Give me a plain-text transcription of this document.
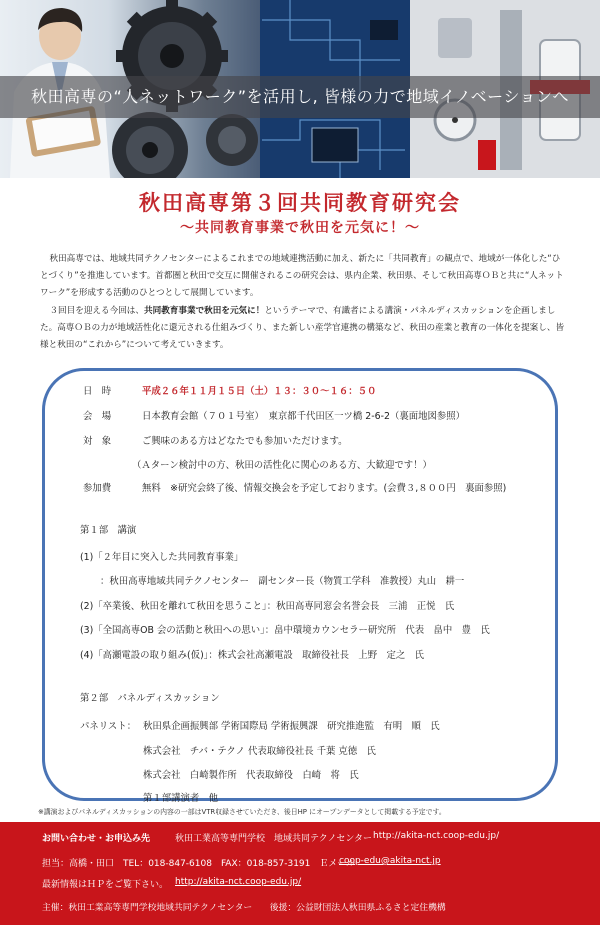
秋田高専の“人ネットワーク”を活用し, 皆様の力で地域イノベーションへ
秋田高専第３回共同教育研究会
～共同教育事業で秋田を元気に！～

秋田高専では、地域共同テクノセンターによるこれまでの地域連携活動に加え、新たに「共同教育」の観点で、地域が一体化した“ひとづくり”を推進しています。首都圏と秋田で交互に開催されるこの研究会は、県内企業、秋田県、そして秋田高専ＯＢと共に“人ネットワーク”を形成する活動のひとつとして展開しています。

３回目を迎える今回は、共同教育事業で秋田を元気に！というテーマで、有識者による講演・パネルディスカッションを企画しました。高専ＯＢの力が地域活性化に還元される仕組みづくり、また新しい産学官連携の構築など、秋田の産業と教育の一体化を提案し、皆様と秋田の“これから”について考えていきます。

日　時	平成２６年１１月１５日（土）１３：３０～１６：５０
会　場	日本教育会館（７０１号室）　東京都千代田区一ツ橋 2-6-2（裏面地図参照）
対　象	ご興味のある方はどなたでも参加いただけます。
（Ａターン検討中の方、秋田の活性化に関心のある方、大歓迎です！）
参加費	無料　※研究会終了後、情報交換会を予定しております。(会費３,８００円　裏面参照)
第１部　講演
(1)「２年目に突入した共同教育事業」
：秋田高専地域共同テクノセンター　副センター長（物質工学科　准教授）丸山　耕一
(2)「卒業後、秋田を離れて秋田を思うこと」：秋田高専同窓会名誉会長　三浦　正悦　氏
(3)「全国高専OB 会の活動と秋田への思い」：畠中環境カウンセラー研究所　代表　畠中　豊　氏
(4)「高瀬電設の取り組み(仮)」：株式会社高瀬電設　取締役社長　上野　定之　氏
第２部　パネルディスカッション
パネリスト： 秋田県企画振興部 学術国際局 学術振興課　研究推進監　有明　順　氏
株式会社　チバ・テクノ 代表取締役社長 千葉 克徳　氏
株式会社　白崎製作所　代表取締役　白崎　将　氏
第１部講演者　他
※講演およびパネルディスカッションの内容の一部はVTR収録させていただき、後日HP にオープンデータとして掲載する予定です。
お問い合わせ・お申込み先	秋田工業高等専門学校　地域共同テクノセンター http://akita-nct.coop-edu.jp/
担当：高橋・田口　TEL：018-847-6108　FAX：018-857-3191　Ｅメール
coop-edu@akita-nct.jp
最新情報はＨＰをご覧下さい。 http://akita-nct.coop-edu.jp/
主催：秋田工業高等専門学校地域共同テクノセンター　　後援：公益財団法人秋田県ふるさと定住機構
